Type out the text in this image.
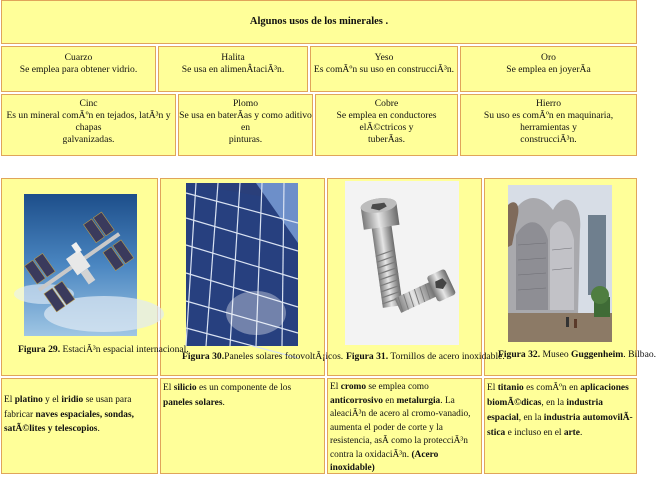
Algunos usos de los minerales .
Cuarzo
Se emplea para obtener vidrio.
Halita
Se usa en alimenÂtaciÃ³n.
Yeso
Es comÃºn su uso en construcciÃ³n.
Oro
Se emplea en joyerÃa
Cinc
Es un mineral comÃºn en tejados, latÃ³n y chapas
galvanizadas.
Plomo
Se usa en baterÃas y como aditivo en
pinturas.
Cobre
Se emplea en conductores elÃ©ctricos y
tuberÃas.
Hierro
Su uso es comÃºn en maquinaria, herramientas y
construcciÃ³n.
Figura 29. EstaciÃ³n espacial internacional.
Figura 30.Paneles solares fotovoltÃ¡icos. Figura 31. Tornillos de acero inoxidable.
Figura 32. Museo Guggenheim. Bilbao.
El platino y el iridio se usan para fabricar naves espaciales, sondas, satÃ©lites y telescopios.
El silicio es un componente de los paneles solares.
El cromo se emplea como anticorrosivo en metalurgia. La aleaciÃ³n de acero al cromo-vanadio, aumenta el poder de corte y la resistencia, asÃ como la protecciÃ³n contra la oxidaciÃ³n. (Acero inoxidable)
El titanio es comÃºn en aplicaciones biomÃ©dicas, en la industria espacial, en la industria automovilÃstica e incluso en el arte.
